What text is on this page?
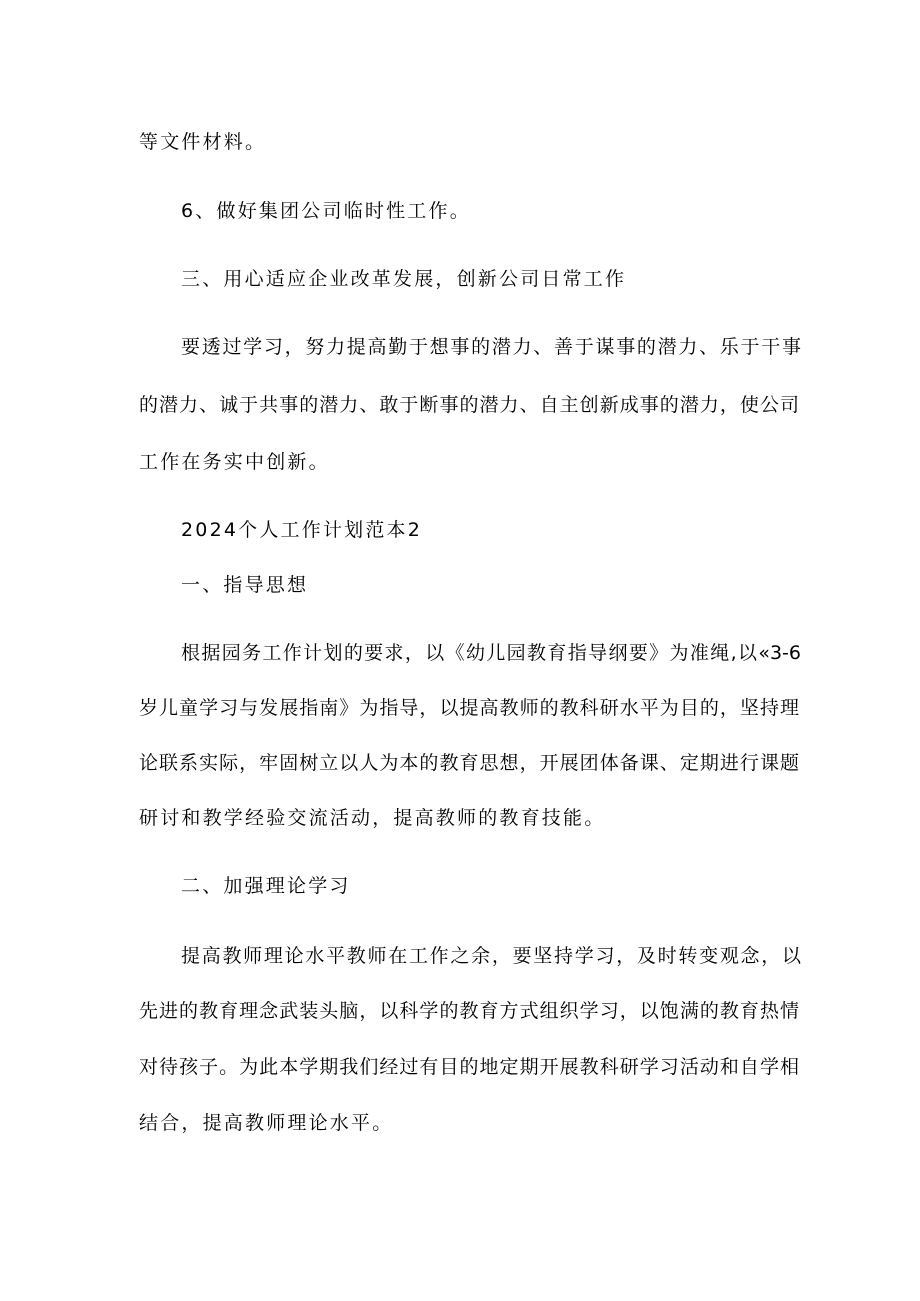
等文件材料。
6、做好集团公司临时性工作。
三、用心适应企业改革发展，创新公司日常工作
要透过学习，努力提高勤于想事的潜力、善于谋事的潜力、乐于干事
的潜力、诚于共事的潜力、敢于断事的潜力、自主创新成事的潜力，使公司
工作在务实中创新。
2024个人工作计划范本2
一、指导思想
根据园务工作计划的要求，以《幼儿园教育指导纲要》为准绳,以«3-6
岁儿童学习与发展指南》为指导，以提高教师的教科研水平为目的，坚持理
论联系实际，牢固树立以人为本的教育思想，开展团体备课、定期进行课题
研讨和教学经验交流活动，提高教师的教育技能。
二、加强理论学习
提高教师理论水平教师在工作之余，要坚持学习，及时转变观念，以
先进的教育理念武装头脑，以科学的教育方式组织学习，以饱满的教育热情
对待孩子。为此本学期我们经过有目的地定期开展教科研学习活动和自学相
结合，提高教师理论水平。
